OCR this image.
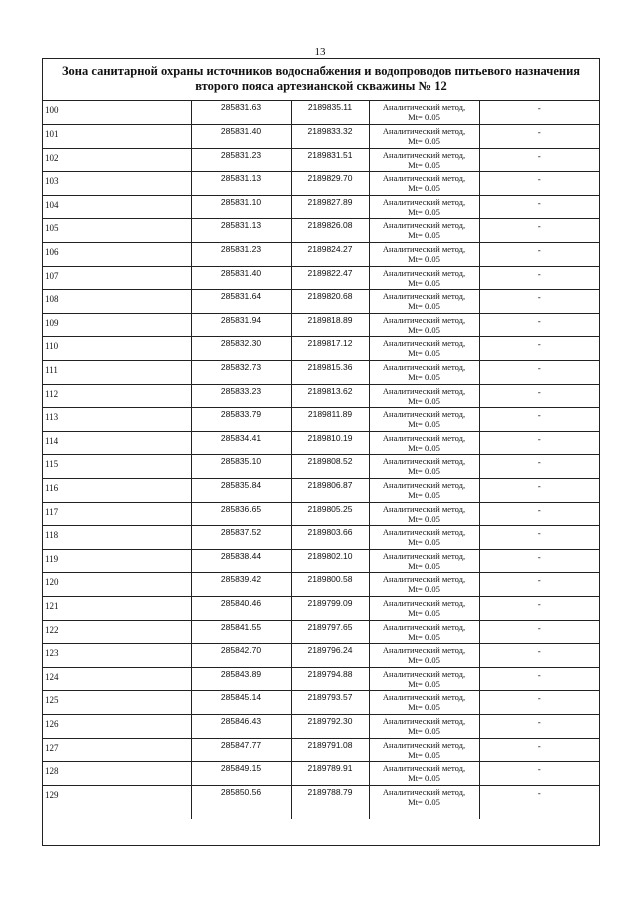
13
Зона санитарной охраны источников водоснабжения и водопроводов питьевого назначения
второго пояса артезианской скважины № 12
100	285831.63	2189835.11	Аналитический метод,
Mt= 0.05	-

101	285831.40	2189833.32	Аналитический метод,
Mt= 0.05	-

102	285831.23	2189831.51	Аналитический метод,
Mt= 0.05	-

103	285831.13	2189829.70	Аналитический метод,
Mt= 0.05	-

104	285831.10	2189827.89	Аналитический метод,
Mt= 0.05	-

105	285831.13	2189826.08	Аналитический метод,
Mt= 0.05	-

106	285831.23	2189824.27	Аналитический метод,
Mt= 0.05	-

107	285831.40	2189822.47	Аналитический метод,
Mt= 0.05	-

108	285831.64	2189820.68	Аналитический метод,
Mt= 0.05	-

109	285831.94	2189818.89	Аналитический метод,
Mt= 0.05	-

110	285832.30	2189817.12	Аналитический метод,
Mt= 0.05	-

111	285832.73	2189815.36	Аналитический метод,
Mt= 0.05	-

112	285833.23	2189813.62	Аналитический метод,
Mt= 0.05	-

113	285833.79	2189811.89	Аналитический метод,
Mt= 0.05	-

114	285834.41	2189810.19	Аналитический метод,
Mt= 0.05	-

115	285835.10	2189808.52	Аналитический метод,
Mt= 0.05	-

116	285835.84	2189806.87	Аналитический метод,
Mt= 0.05	-

117	285836.65	2189805.25	Аналитический метод,
Mt= 0.05	-

118	285837.52	2189803.66	Аналитический метод,
Mt= 0.05	-

119	285838.44	2189802.10	Аналитический метод,
Mt= 0.05	-

120	285839.42	2189800.58	Аналитический метод,
Mt= 0.05	-

121	285840.46	2189799.09	Аналитический метод,
Mt= 0.05	-

122	285841.55	2189797.65	Аналитический метод,
Mt= 0.05	-

123	285842.70	2189796.24	Аналитический метод,
Mt= 0.05	-

124	285843.89	2189794.88	Аналитический метод,
Mt= 0.05	-

125	285845.14	2189793.57	Аналитический метод,
Mt= 0.05	-

126	285846.43	2189792.30	Аналитический метод,
Mt= 0.05	-

127	285847.77	2189791.08	Аналитический метод,
Mt= 0.05	-

128	285849.15	2189789.91	Аналитический метод,
Mt= 0.05	-

129	285850.56	2189788.79	Аналитический метод,
Mt= 0.05	-
